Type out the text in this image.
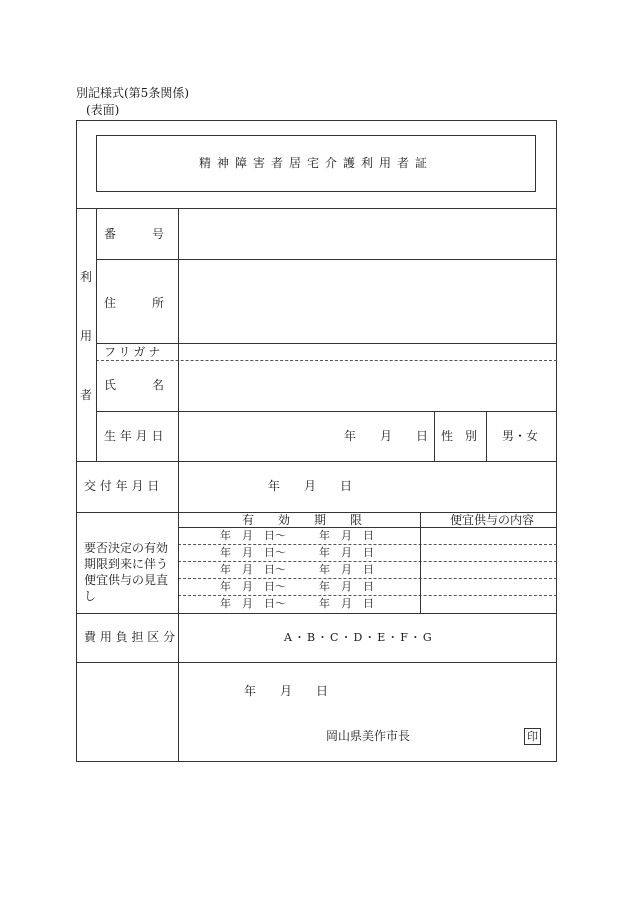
別記様式(第5条関係)
(表面)
精神障害者居宅介護利用者証
利
用
者
番　　　号
住　　　所
フリガナ
氏　　　名
生 年 月 日	年　　月　　日 性　別 男・女
交 付 年 月 日	年　　月　　日
有　　効　　期　　限	便宜供与の内容
要否決定の有効期限到来に伴う便宜供与の見直し
年　月　日〜　　　年　月　日
年　月　日〜　　　年　月　日
年　月　日〜　　　年　月　日
年　月　日〜　　　年　月　日
年　月　日〜　　　年　月　日
費 用 負 担 区 分	A・B・C・D・E・F・G
年　　月　　日
岡山県美作市長	印
